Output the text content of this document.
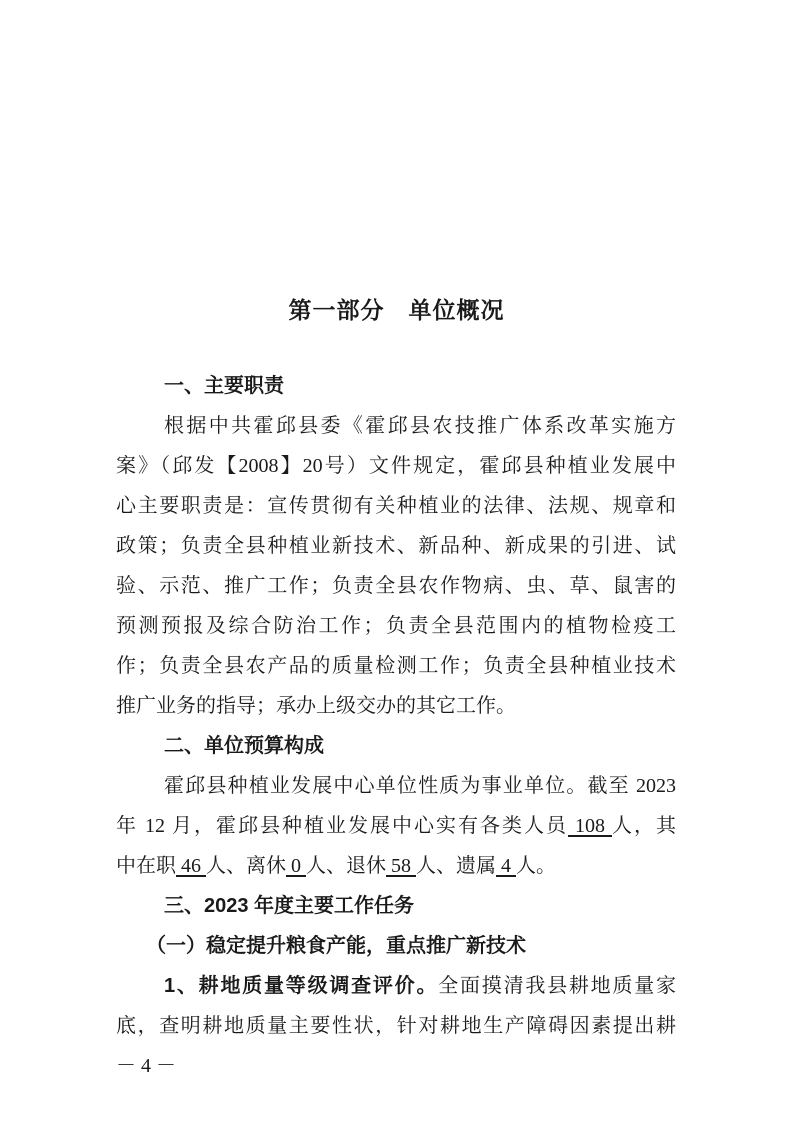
第一部分　单位概况
一、主要职责
根据中共霍邱县委《霍邱县农技推广体系改革实施方
案》（邱发【2008】20号）文件规定，霍邱县种植业发展中
心主要职责是：宣传贯彻有关种植业的法律、法规、规章和
政策；负责全县种植业新技术、新品种、新成果的引进、试
验、示范、推广工作；负责全县农作物病、虫、草、鼠害的
预测预报及综合防治工作；负责全县范围内的植物检疫工
作；负责全县农产品的质量检测工作；负责全县种植业技术
推广业务的指导；承办上级交办的其它工作。
二、单位预算构成
霍邱县种植业发展中心单位性质为事业单位。截至 2023
年 12 月，霍邱县种植业发展中心实有各类人员 108 人，其
中在职 46 人、离休 0 人、退休 58 人、遗属 4 人。
三、2023 年度主要工作任务
（一）稳定提升粮食产能，重点推广新技术
1、耕地质量等级调查评价。全面摸清我县耕地质量家
底，查明耕地质量主要性状，针对耕地生产障碍因素提出耕
－ 4 －
